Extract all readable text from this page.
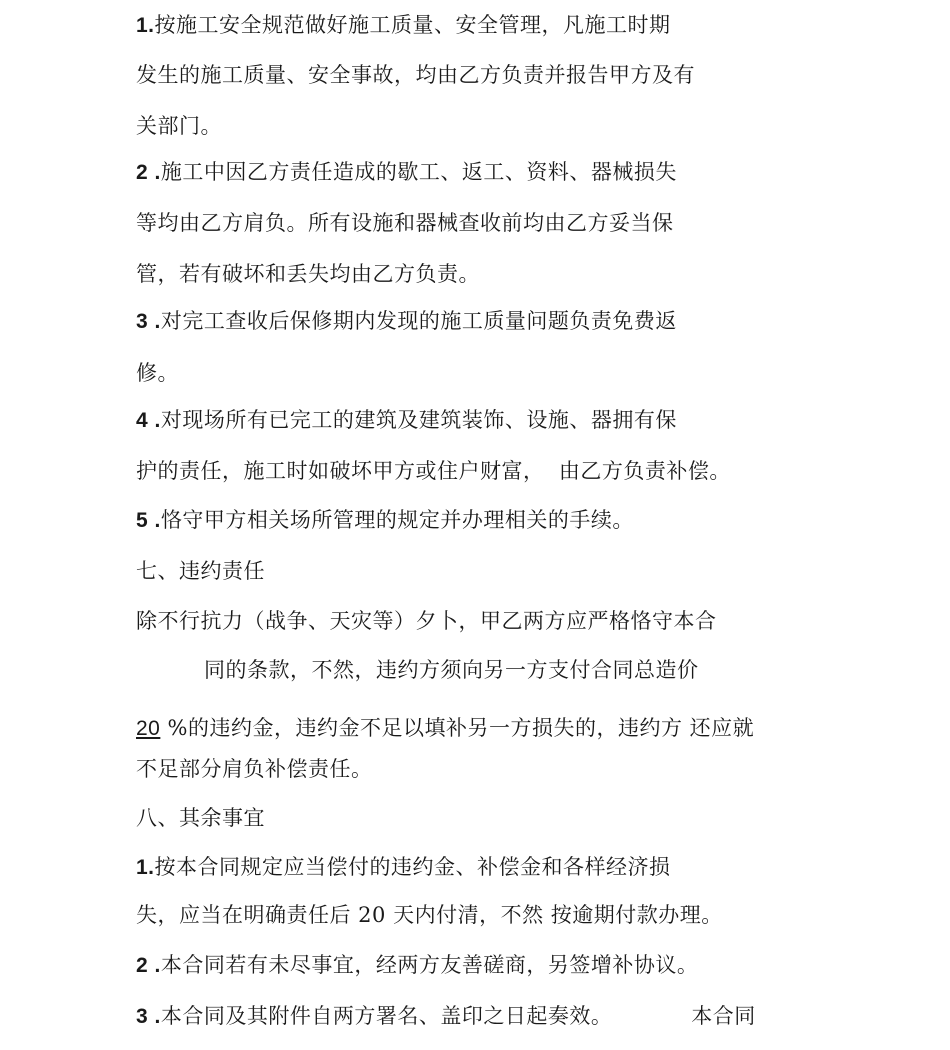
1.按施工安全规范做好施工质量、安全管理，凡施工时期
发生的施工质量、安全事故，均由乙方负责并报告甲方及有
关部门。
2 .施工中因乙方责任造成的歇工、返工、资料、器械损失
等均由乙方肩负。所有设施和器械查收前均由乙方妥当保
管，若有破坏和丢失均由乙方负责。
3 .对完工查收后保修期内发现的施工质量问题负责免费返
修。
4 .对现场所有已完工的建筑及建筑装饰、设施、器拥有保
护的责任，施工时如破坏甲方或住户财富，  由乙方负责补偿。
5 .恪守甲方相关场所管理的规定并办理相关的手续。
七、违约责任
除不行抗力（战争、天灾等）夕卜，甲乙两方应严格恪守本合
同的条款，不然，违约方须向另一方支付合同总造价
20 %的违约金，违约金不足以填补另一方损失的，违约方 还应就
不足部分肩负补偿责任。
八、其余事宜
1.按本合同规定应当偿付的违约金、补偿金和各样经济损
失，应当在明确责任后 20 天内付清，不然 按逾期付款办理。
2 .本合同若有未尽事宜，经两方友善磋商，另签增补协议。
3 .本合同及其附件自两方署名、盖印之日起奏效。           本合同
